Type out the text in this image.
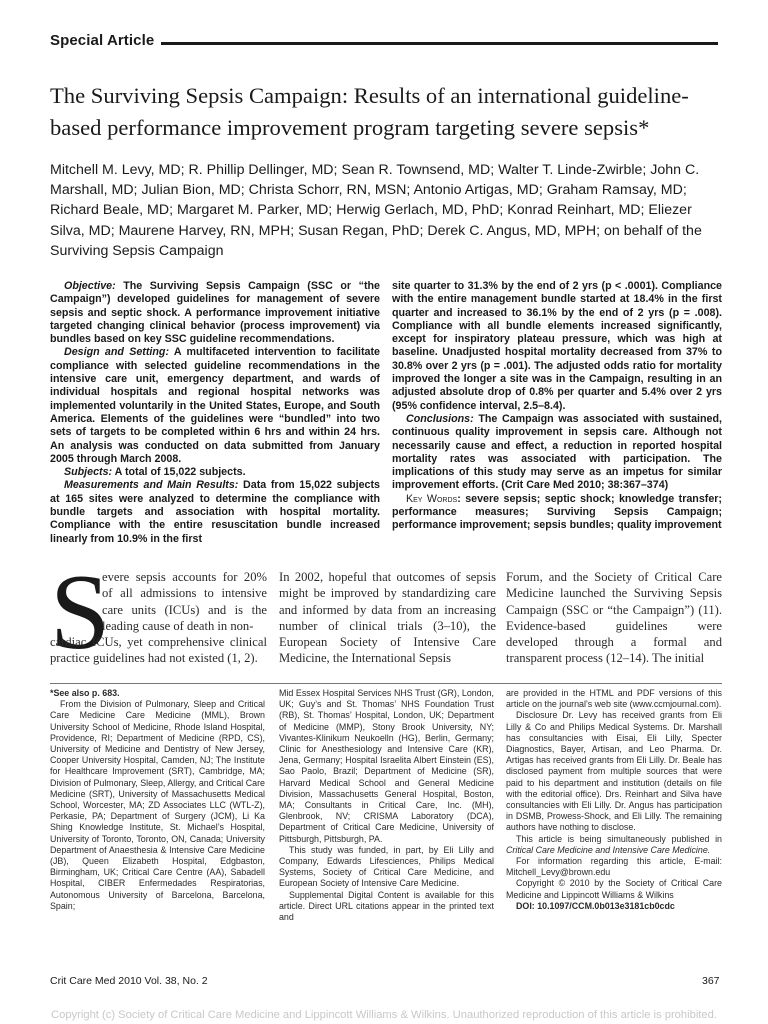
Special Article
The Surviving Sepsis Campaign: Results of an international guideline-based performance improvement program targeting severe sepsis*
Mitchell M. Levy, MD; R. Phillip Dellinger, MD; Sean R. Townsend, MD; Walter T. Linde-Zwirble; John C. Marshall, MD; Julian Bion, MD; Christa Schorr, RN, MSN; Antonio Artigas, MD; Graham Ramsay, MD; Richard Beale, MD; Margaret M. Parker, MD; Herwig Gerlach, MD, PhD; Konrad Reinhart, MD; Eliezer Silva, MD; Maurene Harvey, RN, MPH; Susan Regan, PhD; Derek C. Angus, MD, MPH; on behalf of the Surviving Sepsis Campaign

Objective: The Surviving Sepsis Campaign (SSC or “the Campaign”) developed guidelines for management of severe sepsis and septic shock. A performance improvement initiative targeted changing clinical behavior (process improvement) via bundles based on key SSC guideline recommendations.

Design and Setting: A multifaceted intervention to facilitate compliance with selected guideline recommendations in the intensive care unit, emergency department, and wards of individual hospitals and regional hospital networks was implemented voluntarily in the United States, Europe, and South America. Elements of the guidelines were “bundled” into two sets of targets to be completed within 6 hrs and within 24 hrs. An analysis was conducted on data submitted from January 2005 through March 2008.

Subjects: A total of 15,022 subjects.

Measurements and Main Results: Data from 15,022 subjects at 165 sites were analyzed to determine the compliance with bundle targets and association with hospital mortality. Compliance with the entire resuscitation bundle increased linearly from 10.9% in the first

site quarter to 31.3% by the end of 2 yrs (p < .0001). Compliance with the entire management bundle started at 18.4% in the first quarter and increased to 36.1% by the end of 2 yrs (p = .008). Compliance with all bundle elements increased significantly, except for inspiratory plateau pressure, which was high at baseline. Unadjusted hospital mortality decreased from 37% to 30.8% over 2 yrs (p = .001). The adjusted odds ratio for mortality improved the longer a site was in the Campaign, resulting in an adjusted absolute drop of 0.8% per quarter and 5.4% over 2 yrs (95% confidence interval, 2.5–8.4).

Conclusions: The Campaign was associated with sustained, continuous quality improvement in sepsis care. Although not necessarily cause and effect, a reduction in reported hospital mortality rates was associated with participation. The implications of this study may serve as an impetus for similar improvement efforts. (Crit Care Med 2010; 38:367–374)

Key Words: severe sepsis; septic shock; knowledge transfer; performance measures; Surviving Sepsis Campaign; performance improvement; sepsis bundles; quality improvement

S

evere sepsis accounts for 20% of all admissions to intensive care units (ICUs) and is the leading cause of death in non-

cardiac ICUs, yet comprehensive clinical practice guidelines had not existed (1, 2).

In 2002, hopeful that outcomes of sepsis might be improved by standardizing care and informed by data from an increasing number of clinical trials (3–10), the European Society of Intensive Care Medicine, the International Sepsis

Forum, and the Society of Critical Care Medicine launched the Surviving Sepsis Campaign (SSC or “the Campaign”) (11). Evidence-based guidelines were developed through a formal and transparent process (12–14). The initial

*See also p. 683.

From the Division of Pulmonary, Sleep and Critical Care Medicine Care Medicine (MML), Brown University School of Medicine, Rhode Island Hospital, Providence, RI; Department of Medicine (RPD, CS), University of Medicine and Dentistry of New Jersey, Cooper University Hospital, Camden, NJ; The Institute for Healthcare Improvement (SRT), Cambridge, MA; Division of Pulmonary, Sleep, Allergy, and Critical Care Medicine (SRT), University of Massachusetts Medical School, Worcester, MA; ZD Associates LLC (WTL-Z), Perkasie, PA; Department of Surgery (JCM), Li Ka Shing Knowledge Institute, St. Michael’s Hospital, University of Toronto, Toronto, ON, Canada; University Department of Anaesthesia & Intensive Care Medicine (JB), Queen Elizabeth Hospital, Edgbaston, Birmingham, UK; Critical Care Centre (AA), Sabadell Hospital, CIBER Enfermedades Respiratorias, Autonomous University of Barcelona, Barcelona, Spain;

Mid Essex Hospital Services NHS Trust (GR), London, UK; Guy’s and St. Thomas’ NHS Foundation Trust (RB), St. Thomas’ Hospital, London, UK; Department of Medicine (MMP), Stony Brook University, NY; Vivantes-Klinikum Neukoelln (HG), Berlin, Germany; Clinic for Anesthesiology and Intensive Care (KR), Jena, Germany; Hospital Israelita Albert Einstein (ES), Sao Paolo, Brazil; Department of Medicine (SR), Harvard Medical School and General Medicine Division, Massachusetts General Hospital, Boston, MA; Consultants in Critical Care, Inc. (MH), Glenbrook, NV; CRISMA Laboratory (DCA), Department of Critical Care Medicine, University of Pittsburgh, Pittsburgh, PA.

This study was funded, in part, by Eli Lilly and Company, Edwards Lifesciences, Philips Medical Systems, Society of Critical Care Medicine, and European Society of Intensive Care Medicine.

Supplemental Digital Content is available for this article. Direct URL citations appear in the printed text and

are provided in the HTML and PDF versions of this article on the journal’s web site (www.ccmjournal.com).

Disclosure Dr. Levy has received grants from Eli Lilly & Co and Philips Medical Systems. Dr. Marshall has consultancies with Eisai, Eli Lilly, Specter Diagnostics, Bayer, Artisan, and Leo Pharma. Dr. Artigas has received grants from Eli Lilly. Dr. Beale has disclosed payment from multiple sources that were paid to his department and institution (details on file with the editorial office). Drs. Reinhart and Silva have consultancies with Eli Lilly. Dr. Angus has participation in DSMB, Prowess-Shock, and Eli Lilly. The remaining authors have nothing to disclose.

This article is being simultaneously published in Critical Care Medicine and Intensive Care Medicine.

For information regarding this article, E-mail: Mitchell_Levy@brown.edu

Copyright © 2010 by the Society of Critical Care Medicine and Lippincott Williams & Wilkins

DOI: 10.1097/CCM.0b013e3181cb0cdc

Crit Care Med 2010 Vol. 38, No. 2	367
Copyright (c) Society of Critical Care Medicine and Lippincott Williams & Wilkins. Unauthorized reproduction of this article is prohibited.
